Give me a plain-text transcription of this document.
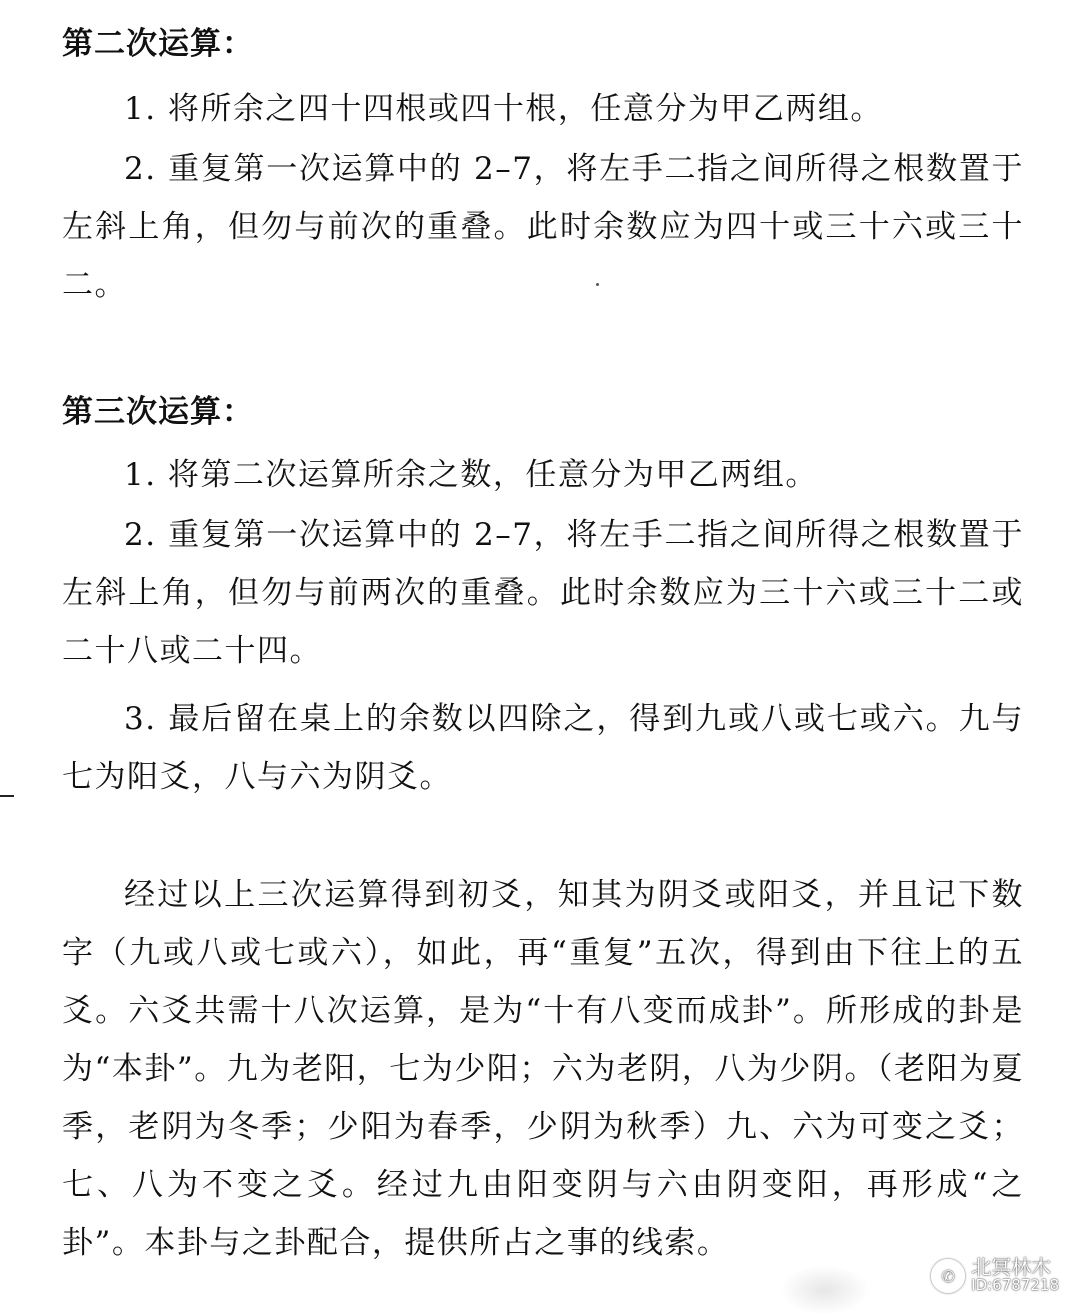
第二次运算：

1. 将所余之四十四根或四十根，任意分为甲乙两组。

2. 重复第一次运算中的 2–7，将左手二指之间所得之根数置于左斜上角，但勿与前次的重叠。此时余数应为四十或三十六或三十二。

第三次运算：

1. 将第二次运算所余之数，任意分为甲乙两组。

2. 重复第一次运算中的 2–7，将左手二指之间所得之根数置于左斜上角，但勿与前两次的重叠。此时余数应为三十六或三十二或二十八或二十四。

3. 最后留在桌上的余数以四除之，得到九或八或七或六。九与七为阳爻，八与六为阴爻。

经过以上三次运算得到初爻，知其为阴爻或阳爻，并且记下数字（九或八或七或六），如此，再“重复”五次，得到由下往上的五爻。六爻共需十八次运算，是为“十有八变而成卦”。所形成的卦是为“本卦”。九为老阳，七为少阳；六为老阴，八为少阴。（老阳为夏季，老阴为冬季；少阳为春季，少阴为秋季）九、六为可变之爻；七、八为不变之爻。经过九由阳变阴与六由阴变阳，再形成“之卦”。本卦与之卦配合，提供所占之事的线索。

✆ 北冥林木
ID:6787218
